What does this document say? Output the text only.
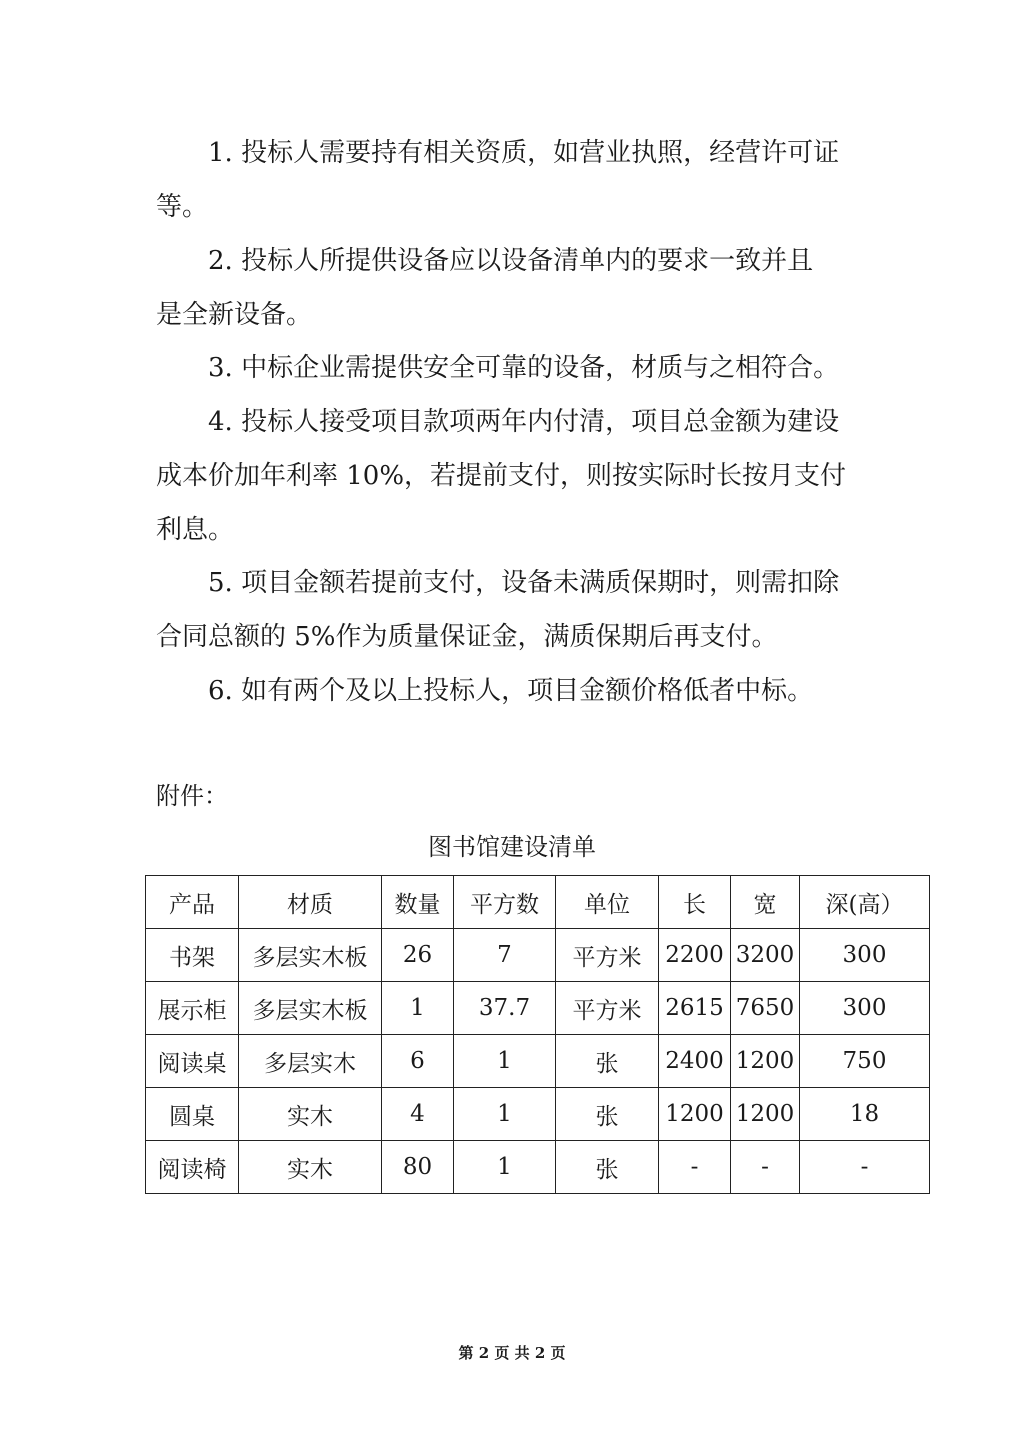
1. 投标人需要持有相关资质，如营业执照，经营许可证
等。

2. 投标人所提供设备应以设备清单内的要求一致并且
是全新设备。

3. 中标企业需提供安全可靠的设备，材质与之相符合。

4. 投标人接受项目款项两年内付清，项目总金额为建设
成本价加年利率 10%，若提前支付，则按实际时长按月支付
利息。

5. 项目金额若提前支付，设备未满质保期时，则需扣除
合同总额的 5%作为质量保证金，满质保期后再支付。

6. 如有两个及以上投标人，项目金额价格低者中标。

附件：
图书馆建设清单
产品	材质	数量	平方数	单位	长	宽	深(高）
书架	多层实木板	26	7	平方米	2200	3200	300
展示柜	多层实木板	1	37.7	平方米	2615	7650	300
阅读桌	多层实木	6	1	张	2400	1200	750
圆桌	实木	4	1	张	1200	1200	18
阅读椅	实木	80	1	张	-	-	-
第 2 页 共 2 页
